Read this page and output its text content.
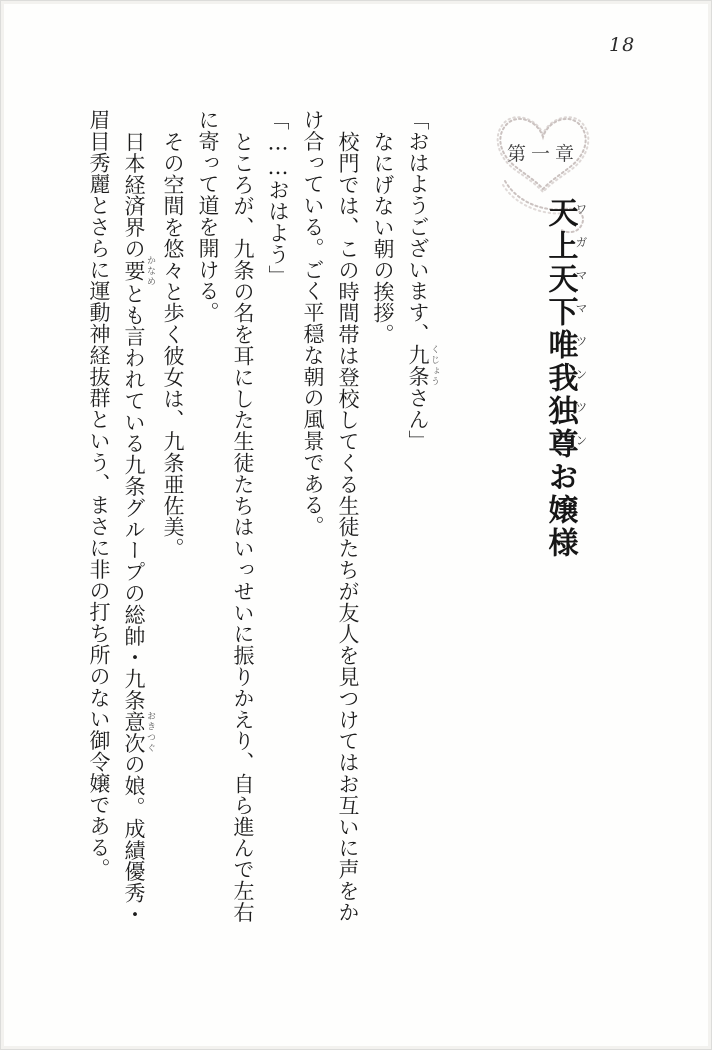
18
第一章
天上天下唯我独尊ワガママツンツンお嬢様

「おはようございます、九条 くじょうさん」

なにげない朝の挨拶。

校門では、この時間帯は登校してくる生徒たちが友人を見つけてはお互いに声をか

け合っている。ごく平穏な朝の風景である。

「……おはよう」

ところが、九条の名を耳にした生徒たちはいっせいに振りかえり、自ら進んで左右

に寄って道を開ける。

その空間を悠々と歩く彼女は、九条亜佐美。

日本経済界の要 かなめとも言われている九条グループの総帥・九条意次 おきつぐの娘。成績優秀・

眉目秀麗とさらに運動神経抜群という、まさに非の打ち所のない御令嬢である。
